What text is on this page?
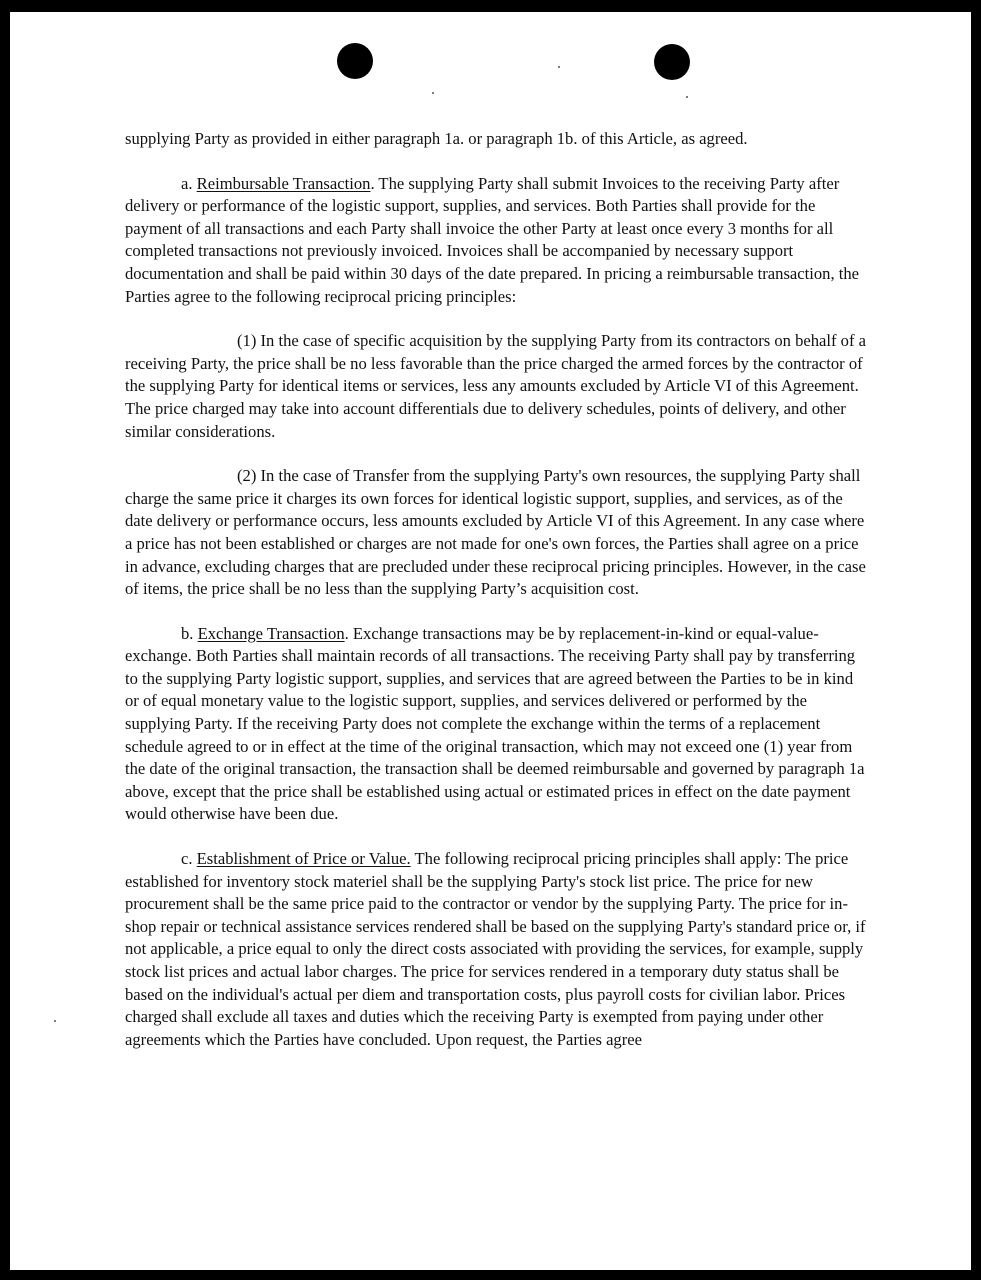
supplying Party as provided in either paragraph 1a. or paragraph 1b. of this Article, as agreed.

a. Reimbursable Transaction. The supplying Party shall submit Invoices to the receiving Party after delivery or performance of the logistic support, supplies, and services. Both Parties shall provide for the payment of all transactions and each Party shall invoice the other Party at least once every 3 months for all completed transactions not previously invoiced. Invoices shall be accompanied by necessary support documentation and shall be paid within 30 days of the date prepared. In pricing a reimbursable transaction, the Parties agree to the following reciprocal pricing principles:

(1) In the case of specific acquisition by the supplying Party from its contractors on behalf of a receiving Party, the price shall be no less favorable than the price charged the armed forces by the contractor of the supplying Party for identical items or services, less any amounts excluded by Article VI of this Agreement. The price charged may take into account differentials due to delivery schedules, points of delivery, and other similar considerations.

(2) In the case of Transfer from the supplying Party's own resources, the supplying Party shall charge the same price it charges its own forces for identical logistic support, supplies, and services, as of the date delivery or performance occurs, less amounts excluded by Article VI of this Agreement. In any case where a price has not been established or charges are not made for one's own forces, the Parties shall agree on a price in advance, excluding charges that are precluded under these reciprocal pricing principles. However, in the case of items, the price shall be no less than the supplying Party’s acquisition cost.

b. Exchange Transaction. Exchange transactions may be by replacement-in-kind or equal-value-exchange. Both Parties shall maintain records of all transactions. The receiving Party shall pay by transferring to the supplying Party logistic support, supplies, and services that are agreed between the Parties to be in kind or of equal monetary value to the logistic support, supplies, and services delivered or performed by the supplying Party. If the receiving Party does not complete the exchange within the terms of a replacement schedule agreed to or in effect at the time of the original transaction, which may not exceed one (1) year from the date of the original transaction, the transaction shall be deemed reimbursable and governed by paragraph 1a above, except that the price shall be established using actual or estimated prices in effect on the date payment would otherwise have been due.

c. Establishment of Price or Value. The following reciprocal pricing principles shall apply: The price established for inventory stock materiel shall be the supplying Party's stock list price. The price for new procurement shall be the same price paid to the contractor or vendor by the supplying Party. The price for in-shop repair or technical assistance services rendered shall be based on the supplying Party's standard price or, if not applicable, a price equal to only the direct costs associated with providing the services, for example, supply stock list prices and actual labor charges. The price for services rendered in a temporary duty status shall be based on the individual's actual per diem and transportation costs, plus payroll costs for civilian labor. Prices charged shall exclude all taxes and duties which the receiving Party is exempted from paying under other agreements which the Parties have concluded. Upon request, the Parties agree
